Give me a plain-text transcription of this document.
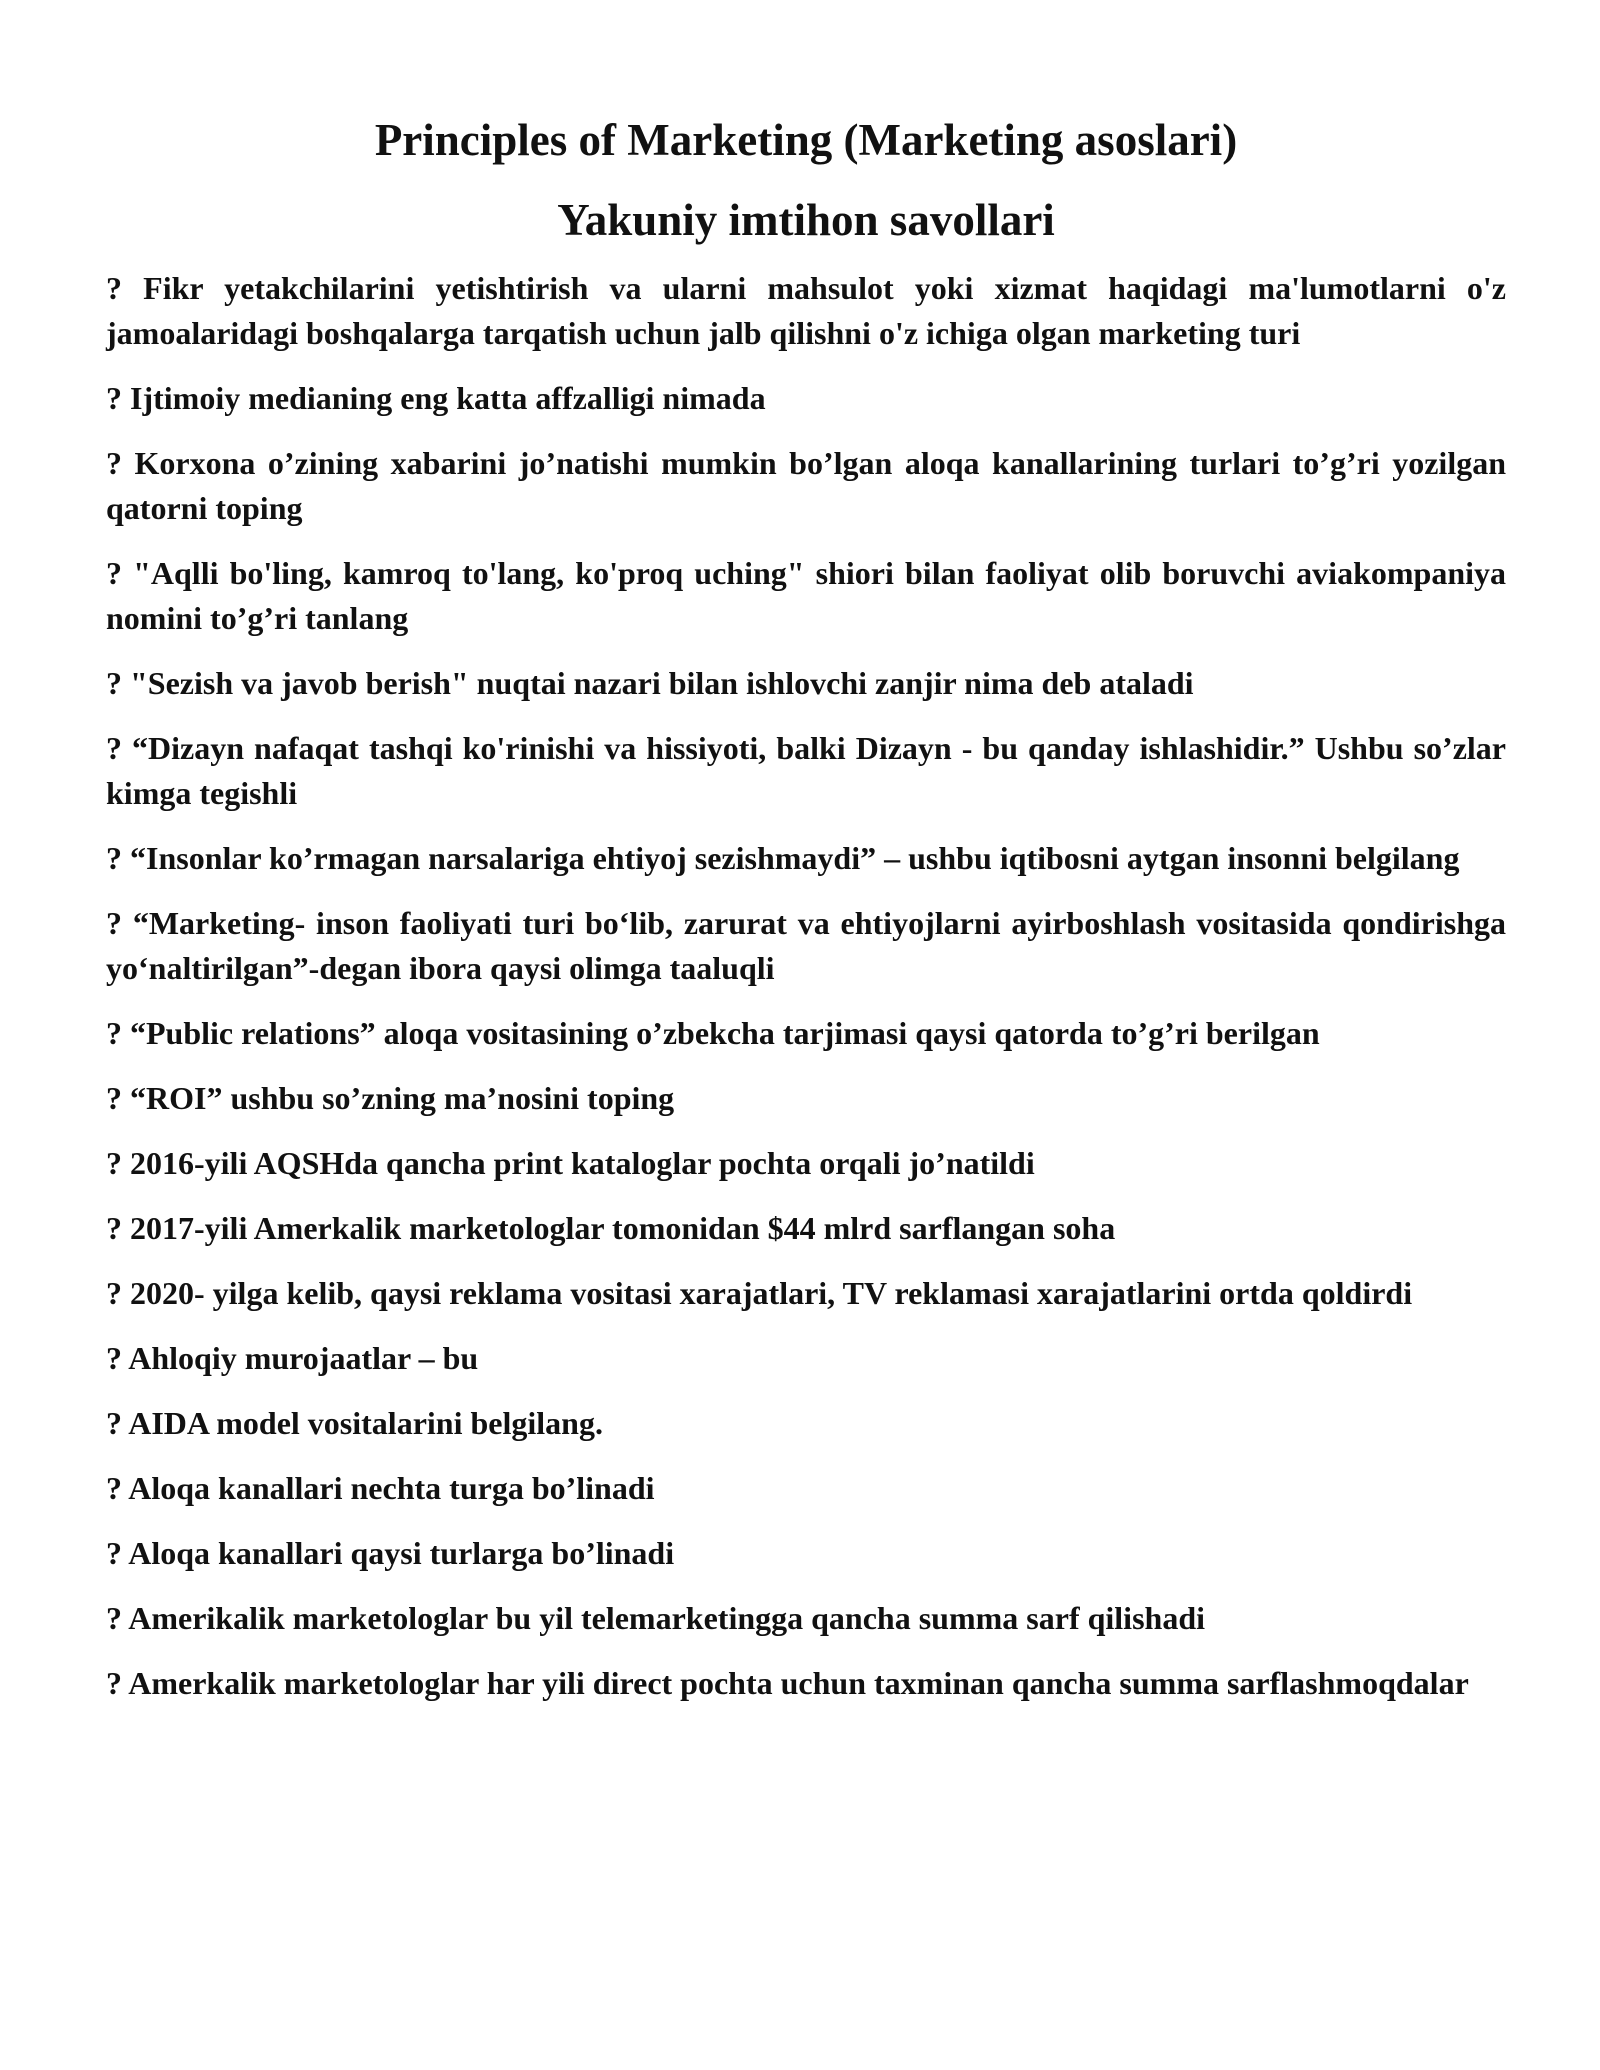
Principles of Marketing (Marketing asoslari)
Yakuniy imtihon savollari

? Fikr yetakchilarini yetishtirish va ularni mahsulot yoki xizmat haqidagi ma'lumotlarni o'z jamoalaridagi boshqalarga tarqatish uchun jalb qilishni o'z ichiga olgan marketing turi

? Ijtimoiy medianing eng katta affzalligi nimada

? Korxona o’zining xabarini jo’natishi mumkin bo’lgan aloqa kanallarining turlari to’g’ri yozilgan qatorni toping

? "Aqlli bo'ling, kamroq to'lang, ko'proq uching" shiori bilan faoliyat olib boruvchi aviakompaniya nomini to’g’ri tanlang

? "Sezish va javob berish" nuqtai nazari bilan ishlovchi zanjir nima deb ataladi

? “Dizayn nafaqat tashqi ko'rinishi va hissiyoti, balki Dizayn - bu qanday ishlashidir.” Ushbu so’zlar kimga tegishli

? “Insonlar ko’rmagan narsalariga ehtiyoj sezishmaydi” – ushbu iqtibosni aytgan insonni belgilang

? “Marketing- inson faoliyati turi bo‘lib, zarurat va ehtiyojlarni ayirboshlash vositasida qondirishga yo‘naltirilgan”-degan ibora qaysi olimga taaluqli

? “Public relations” aloqa vositasining o’zbekcha tarjimasi qaysi qatorda to’g’ri berilgan

? “ROI” ushbu so’zning ma’nosini toping

? 2016-yili AQSHda qancha print kataloglar pochta orqali jo’natildi

? 2017-yili Amerkalik marketologlar tomonidan $44 mlrd sarflangan soha

? 2020- yilga kelib, qaysi reklama vositasi xarajatlari, TV reklamasi xarajatlarini ortda qoldirdi

? Ahloqiy murojaatlar – bu

? AIDA model vositalarini belgilang.

? Aloqa kanallari nechta turga bo’linadi

? Aloqa kanallari qaysi turlarga bo’linadi

? Amerikalik marketologlar bu yil telemarketingga qancha summa sarf qilishadi

? Amerkalik marketologlar har yili direct pochta uchun taxminan qancha summa sarflashmoqdalar
